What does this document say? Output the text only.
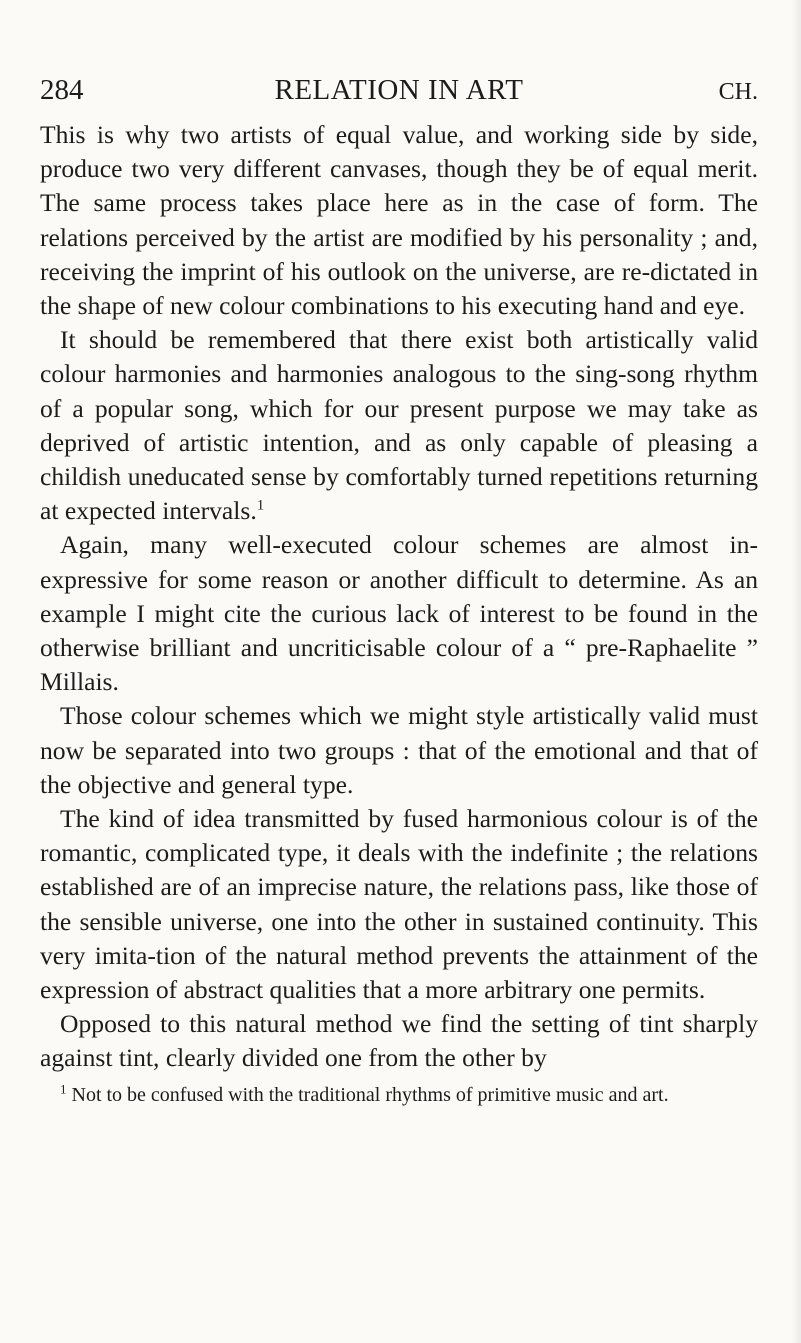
284	RELATION IN ART	CH.

This is why two artists of equal value, and working side by side, produce two very different canvases, though they be of equal merit. The same process takes place here as in the case of form. The relations perceived by the artist are modified by his personality ; and, receiving the imprint of his outlook on the universe, are re-dictated in the shape of new colour combinations to his executing hand and eye.

It should be remembered that there exist both artistically valid colour harmonies and harmonies analogous to the sing-song rhythm of a popular song, which for our present purpose we may take as deprived of artistic intention, and as only capable of pleasing a childish uneducated sense by comfortably turned repetitions returning at expected intervals.$^1$

Again, many well-executed colour schemes are almost in-expressive for some reason or another difficult to determine. As an example I might cite the curious lack of interest to be found in the otherwise brilliant and uncriticisable colour of a “ pre-Raphaelite ” Millais.

Those colour schemes which we might style artistically valid must now be separated into two groups : that of the emotional and that of the objective and general type.

The kind of idea transmitted by fused harmonious colour is of the romantic, complicated type, it deals with the indefinite ; the relations established are of an imprecise nature, the relations pass, like those of the sensible universe, one into the other in sustained continuity. This very imita-tion of the natural method prevents the attainment of the expression of abstract qualities that a more arbitrary one permits.

Opposed to this natural method we find the setting of tint sharply against tint, clearly divided one from the other by

$^1$ Not to be confused with the traditional rhythms of primitive music and art.
